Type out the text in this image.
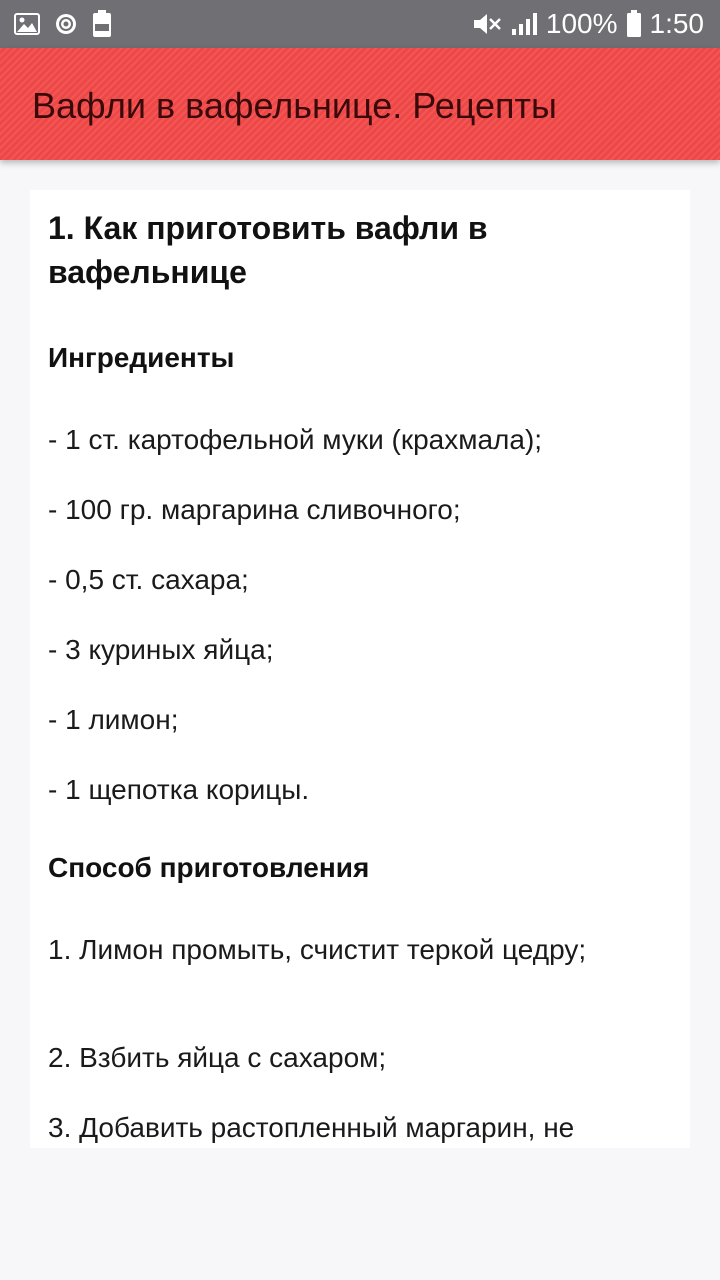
100% 1:50
Вафли в вафельнице. Рецепты
1. Как приготовить вафли в вафельнице
Ингредиенты

- 1 ст. картофельной муки (крахмала);

- 100 гр. маргарина сливочного;

- 0,5 ст. сахара;

- 3 куриных яйца;

- 1 лимон;

- 1 щепотка корицы.

Способ приготовления

1. Лимон промыть, счистит теркой цедру;

2. Взбить яйца с сахаром;

3. Добавить растопленный маргарин, не
